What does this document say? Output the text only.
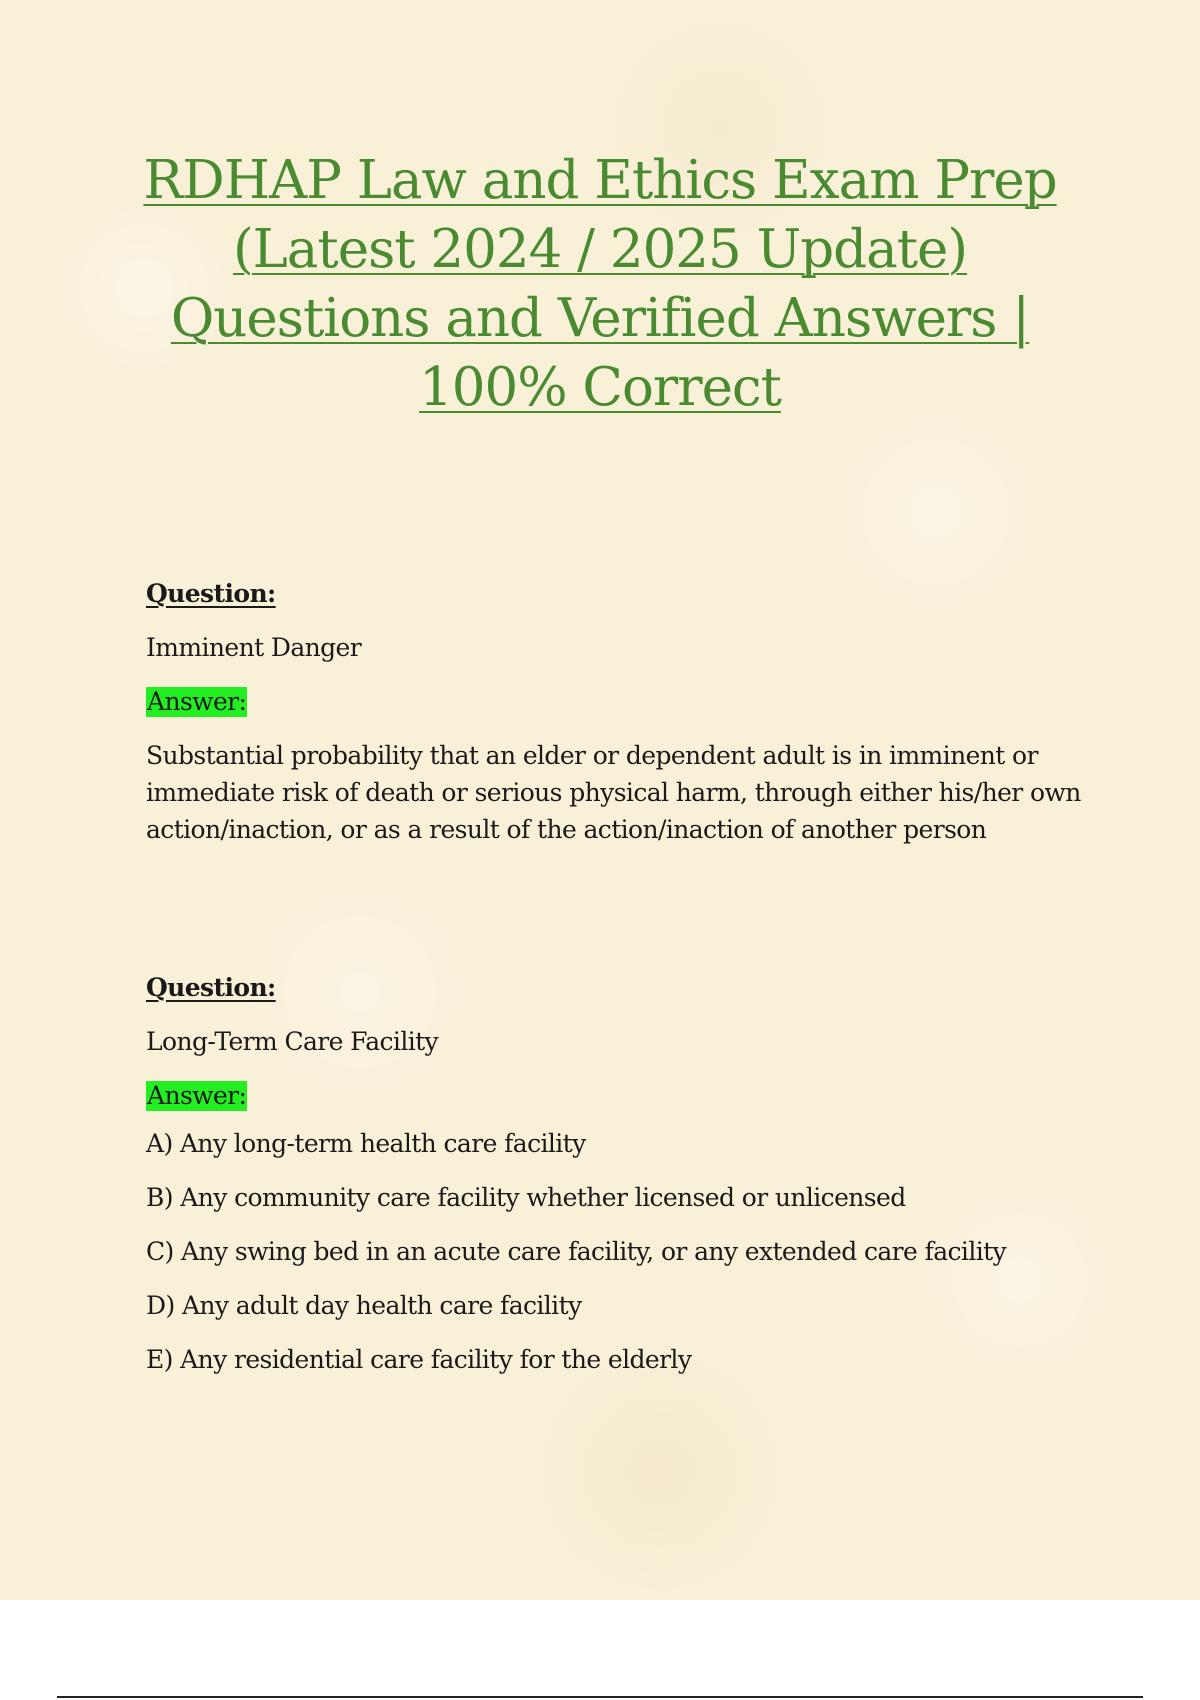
RDHAP Law and Ethics Exam Prep
(Latest 2024 / 2025 Update)
Questions and Verified Answers |
100% Correct

Question:

Imminent Danger

Answer:

Substantial probability that an elder or dependent adult is in imminent or immediate risk of death or serious physical harm, through either his/her own action/inaction, or as a result of the action/inaction of another person

Question:

Long-Term Care Facility

Answer:
A) Any long-term health care facility
B) Any community care facility whether licensed or unlicensed
C) Any swing bed in an acute care facility, or any extended care facility
D) Any adult day health care facility
E) Any residential care facility for the elderly
